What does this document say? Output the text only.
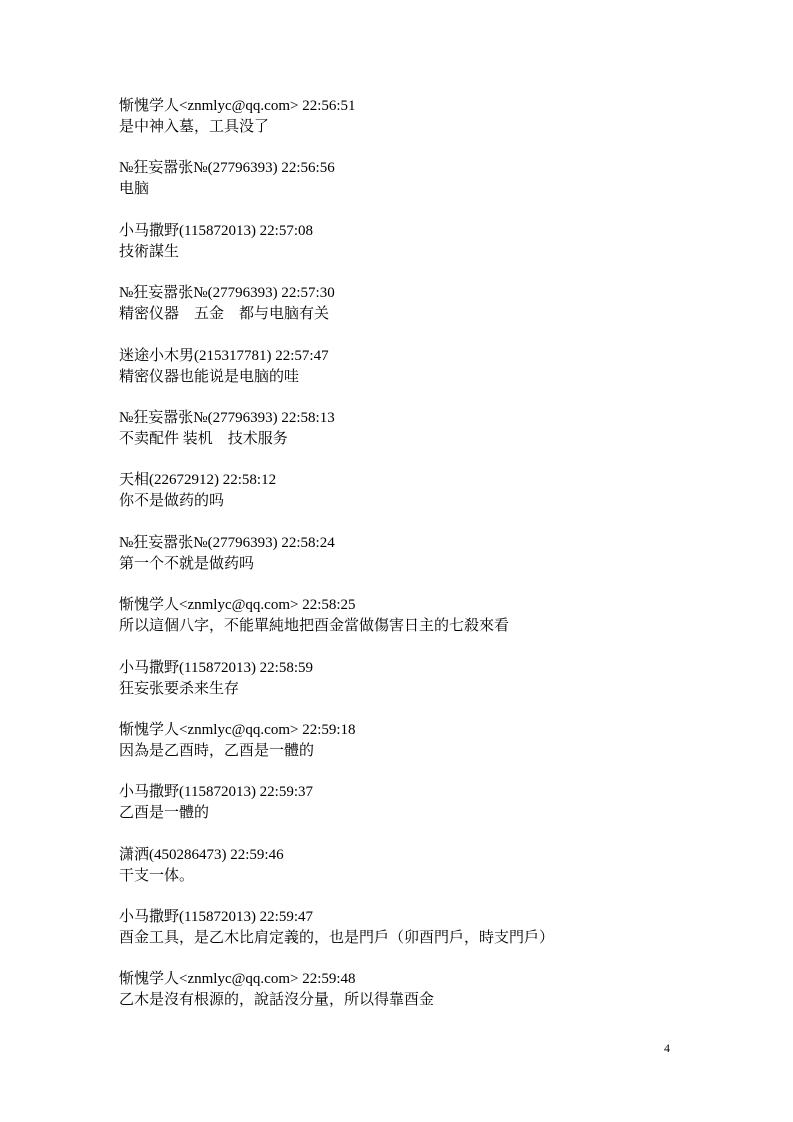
惭愧学人<znmlyc@qq.com> 22:56:51
是中神入墓，工具没了
№狂妄嚣张№(27796393) 22:56:56
电脑
小马撒野(115872013) 22:57:08
技術謀生
№狂妄嚣张№(27796393) 22:57:30
精密仪器　五金　都与电脑有关
迷途小木男(215317781) 22:57:47
精密仪器也能说是电脑的哇
№狂妄嚣张№(27796393) 22:58:13
不卖配件 装机　技术服务
天相(22672912) 22:58:12
你不是做药的吗
№狂妄嚣张№(27796393) 22:58:24
第一个不就是做药吗
惭愧学人<znmlyc@qq.com> 22:58:25
所以這個八字，不能單純地把酉金當做傷害日主的七殺來看
小马撒野(115872013) 22:58:59
狂妄张要杀来生存
惭愧学人<znmlyc@qq.com> 22:59:18
因為是乙酉時，乙酉是一體的
小马撒野(115872013) 22:59:37
乙酉是一體的
潇洒(450286473) 22:59:46
干支一体。
小马撒野(115872013) 22:59:47
酉金工具，是乙木比肩定義的，也是門戶（卯酉門戶，時支門戶）
惭愧学人<znmlyc@qq.com> 22:59:48
乙木是沒有根源的，說話沒分量，所以得靠酉金
4
